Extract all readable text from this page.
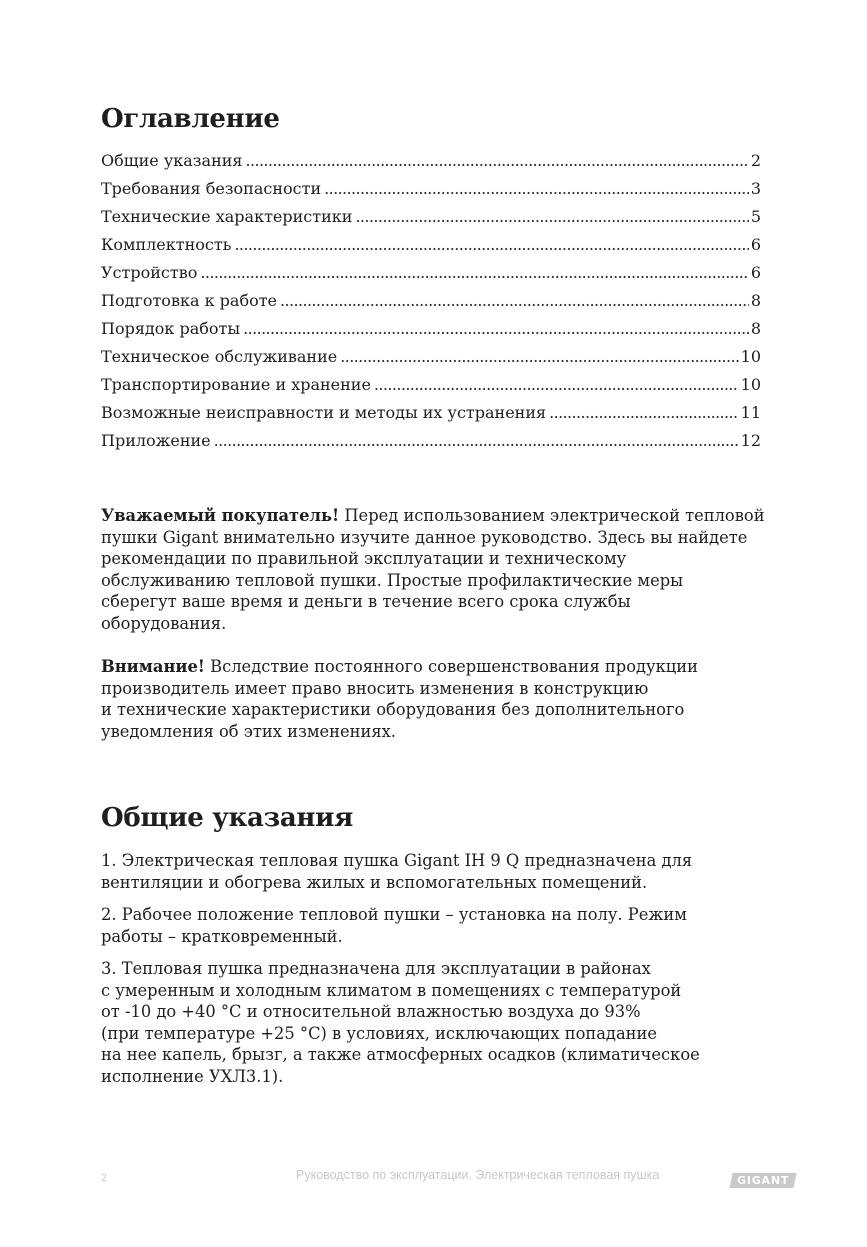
Оглавление
Общие указания .....	2
Требования безопасности .....	3
Технические характеристики .....	5
Комплектность .....	6
Устройство .....	6
Подготовка к работе .....	8
Порядок работы .....	8
Техническое обслуживание .....	10
Транспортирование и хранение .....	10
Возможные неисправности и методы их устранения .....	11
Приложение .....	12

Уважаемый покупатель! Перед использованием электрической тепловой
пушки Gigant внимательно изучите данное руководство. Здесь вы найдете
рекомендации по правильной эксплуатации и техническому
обслуживанию тепловой пушки. Простые профилактические меры
сберегут ваше время и деньги в течение всего срока службы
оборудования.

Внимание! Вследствие постоянного совершенствования продукции
производитель имеет право вносить изменения в конструкцию
и технические характеристики оборудования без дополнительного
уведомления об этих изменениях.

Общие указания

1. Электрическая тепловая пушка Gigant IH 9 Q предназначена для
вентиляции и обогрева жилых и вспомогательных помещений.

2. Рабочее положение тепловой пушки – установка на полу. Режим
работы – кратковременный.

3. Тепловая пушка предназначена для эксплуатации в районах
с умеренным и холодным климатом в помещениях с температурой
от -10 до +40 °С и относительной влажностью воздуха до 93%
(при температуре +25 °С) в условиях, исключающих попадание
на нее капель, брызг, а также атмосферных осадков (климатическое
исполнение УХЛ3.1).

2	Руководство по эксплуатации. Электрическая тепловая пушка	GIGANT
